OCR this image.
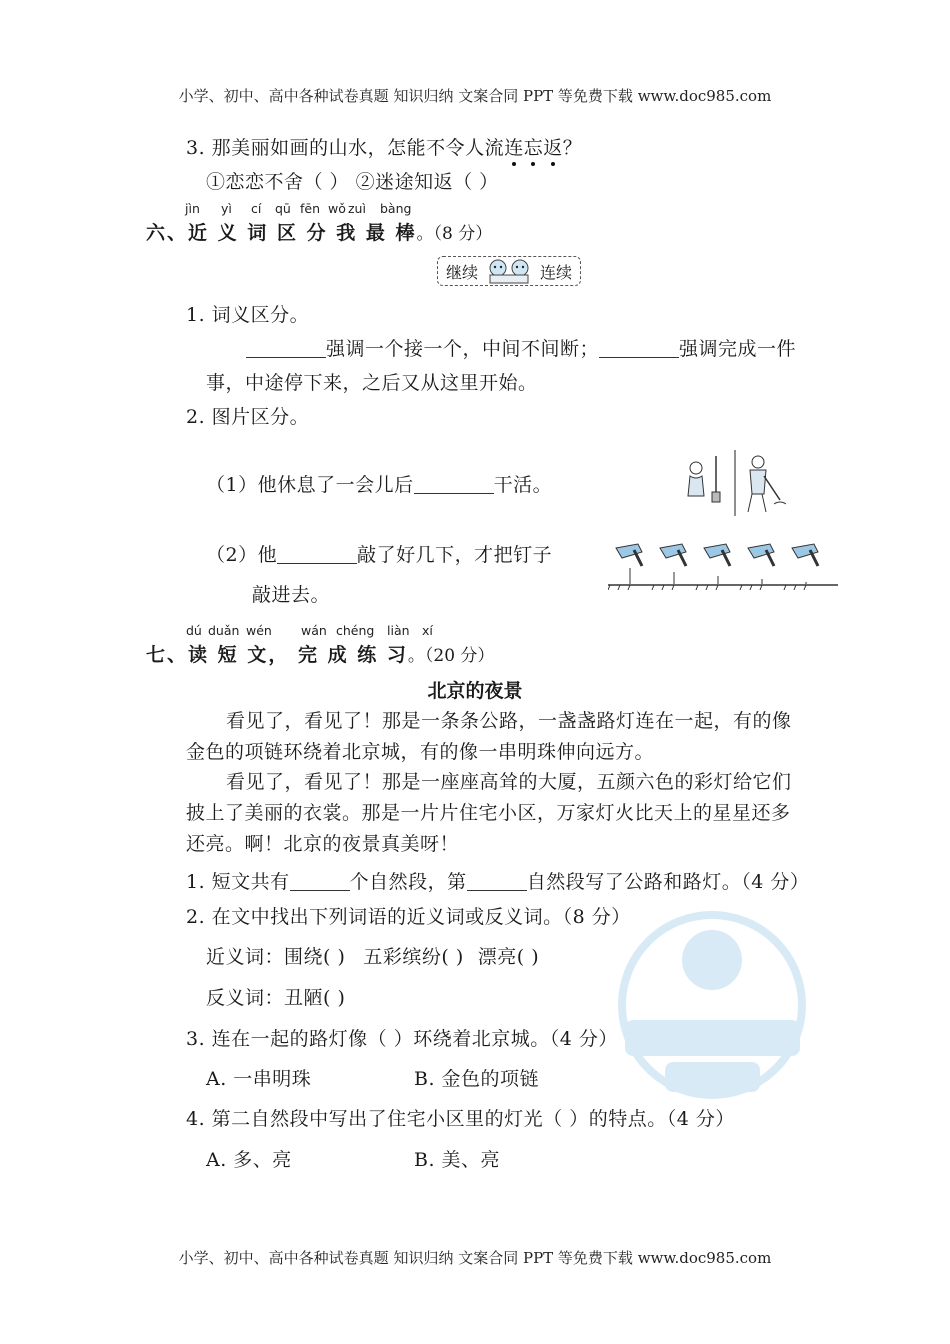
小学、初中、高中各种试卷真题 知识归纳 文案合同 PPT 等免费下载 www.doc985.com
3. 那美丽如画的山水，怎能不令人流连忘返？
①恋恋不舍（ ） ②迷途知返（ ）
jìn yì cí qū fēn wǒ zuì bàng
六、近 义 词 区 分 我 最 棒。（8 分）
继续	连续
1. 词义区分。
强调一个接一个，中间不间断；	强调完成一件
事，中途停下来，之后又从这里开始。
2. 图片区分。
（1）他休息了一会儿后	干活。
（2）他	敲了好几下，才把钉子
敲进去。
dú duǎn wén wán chéng liàn xí
七、读 短 文， 完 成 练 习。（20 分）
北京的夜景
看见了，看见了！那是一条条公路，一盏盏路灯连在一起，有的像
金色的项链环绕着北京城，有的像一串明珠伸向远方。
看见了，看见了！那是一座座高耸的大厦，五颜六色的彩灯给它们
披上了美丽的衣裳。那是一片片住宅小区，万家灯火比天上的星星还多
还亮。啊！北京的夜景真美呀！
1. 短文共有	个自然段，第	自然段写了公路和路灯。（4 分）
2. 在文中找出下列词语的近义词或反义词。（8 分）
近义词：围绕( ) 五彩缤纷( ) 漂亮( )
反义词：丑陋( )
3. 连在一起的路灯像（ ）环绕着北京城。（4 分）
A. 一串明珠	B. 金色的项链
4. 第二自然段中写出了住宅小区里的灯光（ ）的特点。（4 分）
A. 多、亮	B. 美、亮
小学、初中、高中各种试卷真题 知识归纳 文案合同 PPT 等免费下载 www.doc985.com
